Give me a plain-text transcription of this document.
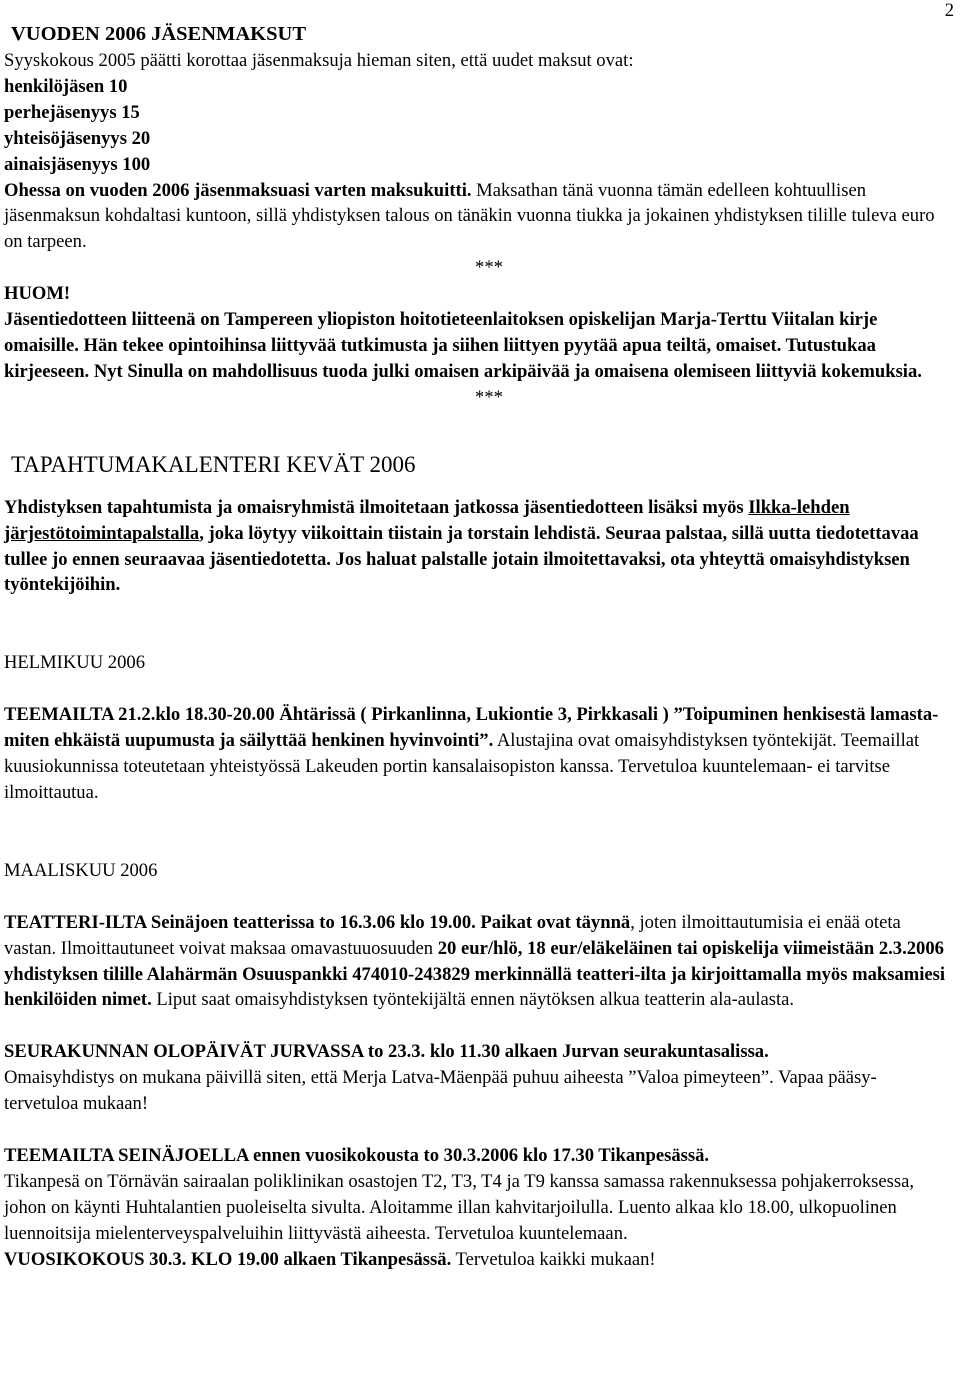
2

VUODEN 2006 JÄSENMAKSUT

Syyskokous 2005 päätti korottaa jäsenmaksuja hieman siten, että uudet maksut ovat:

henkilöjäsen 10

perhejäsenyys 15

yhteisöjäsenyys 20

ainaisjäsenyys 100

Ohessa on vuoden 2006 jäsenmaksuasi varten maksukuitti. Maksathan tänä vuonna tämän edelleen kohtuullisen jäsenmaksun kohdaltasi kuntoon, sillä yhdistyksen talous on tänäkin vuonna tiukka ja jokainen yhdistyksen tilille tuleva euro on tarpeen.

***

HUOM!

Jäsentiedotteen liitteenä on Tampereen yliopiston hoitotieteenlaitoksen opiskelijan Marja-Terttu Viitalan kirje omaisille. Hän tekee opintoihinsa liittyvää tutkimusta ja siihen liittyen pyytää apua teiltä, omaiset. Tutustukaa kirjeeseen. Nyt Sinulla on mahdollisuus tuoda julki omaisen arkipäivää ja omaisena olemiseen liittyviä kokemuksia.

***

TAPAHTUMAKALENTERI KEVÄT 2006

Yhdistyksen tapahtumista ja omaisryhmistä ilmoitetaan jatkossa jäsentiedotteen lisäksi myös Ilkka-lehden järjestötoimintapalstalla, joka löytyy viikoittain tiistain ja torstain lehdistä. Seuraa palstaa, sillä uutta tiedotettavaa tullee jo ennen seuraavaa jäsentiedotetta. Jos haluat palstalle jotain ilmoitettavaksi, ota yhteyttä omaisyhdistyksen työntekijöihin.

HELMIKUU 2006

TEEMAILTA 21.2.klo 18.30-20.00 Ähtärissä ( Pirkanlinna, Lukiontie 3, Pirkkasali ) ”Toipuminen henkisestä lamasta- miten ehkäistä uupumusta ja säilyttää henkinen hyvinvointi”. Alustajina ovat omaisyhdistyksen työntekijät. Teemaillat kuusiokunnissa toteutetaan yhteistyössä Lakeuden portin kansalaisopiston kanssa. Tervetuloa kuuntelemaan- ei tarvitse ilmoittautua.

MAALISKUU 2006

TEATTERI-ILTA Seinäjoen teatterissa to 16.3.06 klo 19.00. Paikat ovat täynnä, joten ilmoittautumisia ei enää oteta vastan. Ilmoittautuneet voivat maksaa omavastuuosuuden 20 eur/hlö, 18 eur/eläkeläinen tai opiskelija viimeistään 2.3.2006 yhdistyksen tilille Alahärmän Osuuspankki 474010-243829 merkinnällä teatteri-ilta ja kirjoittamalla myös maksamiesi henkilöiden nimet. Liput saat omaisyhdistyksen työntekijältä ennen näytöksen alkua teatterin ala-aulasta.

SEURAKUNNAN OLOPÄIVÄT JURVASSA to 23.3. klo 11.30 alkaen Jurvan seurakuntasalissa.

Omaisyhdistys on mukana päivillä siten, että Merja Latva-Mäenpää puhuu aiheesta ”Valoa pimeyteen”. Vapaa pääsy- tervetuloa mukaan!

TEEMAILTA SEINÄJOELLA ennen vuosikokousta to 30.3.2006 klo 17.30 Tikanpesässä.

Tikanpesä on Törnävän sairaalan poliklinikan osastojen T2, T3, T4 ja T9 kanssa samassa rakennuksessa pohjakerroksessa, johon on käynti Huhtalantien puoleiselta sivulta. Aloitamme illan kahvitarjoilulla. Luento alkaa klo 18.00, ulkopuolinen luennoitsija mielenterveyspalveluihin liittyvästä aiheesta. Tervetuloa kuuntelemaan.

VUOSIKOKOUS 30.3. KLO 19.00 alkaen Tikanpesässä. Tervetuloa kaikki mukaan!
